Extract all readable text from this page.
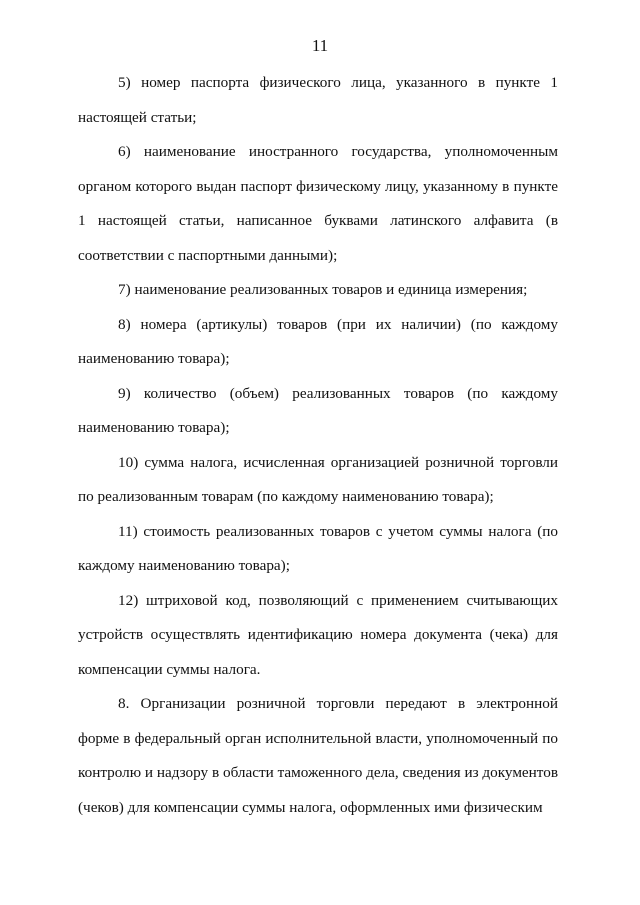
11

5) номер паспорта физического лица, указанного в пункте 1 настоящей статьи;

6) наименование иностранного государства, уполномоченным органом которого выдан паспорт физическому лицу, указанному в пункте 1 настоящей статьи, написанное буквами латинского алфавита (в соответствии с паспортными данными);

7) наименование реализованных товаров и единица измерения;

8) номера (артикулы) товаров (при их наличии) (по каждому наименованию товара);

9) количество (объем) реализованных товаров (по каждому наименованию товара);

10) сумма налога, исчисленная организацией розничной торговли по реализованным товарам (по каждому наименованию товара);

11) стоимость реализованных товаров с учетом суммы налога (по каждому наименованию товара);

12) штриховой код, позволяющий с применением считывающих устройств осуществлять идентификацию номера документа (чека) для компенсации суммы налога.

8. Организации розничной торговли передают в электронной форме в федеральный орган исполнительной власти, уполномоченный по контролю и надзору в области таможенного дела, сведения из документов (чеков) для компенсации суммы налога, оформленных ими физическим
